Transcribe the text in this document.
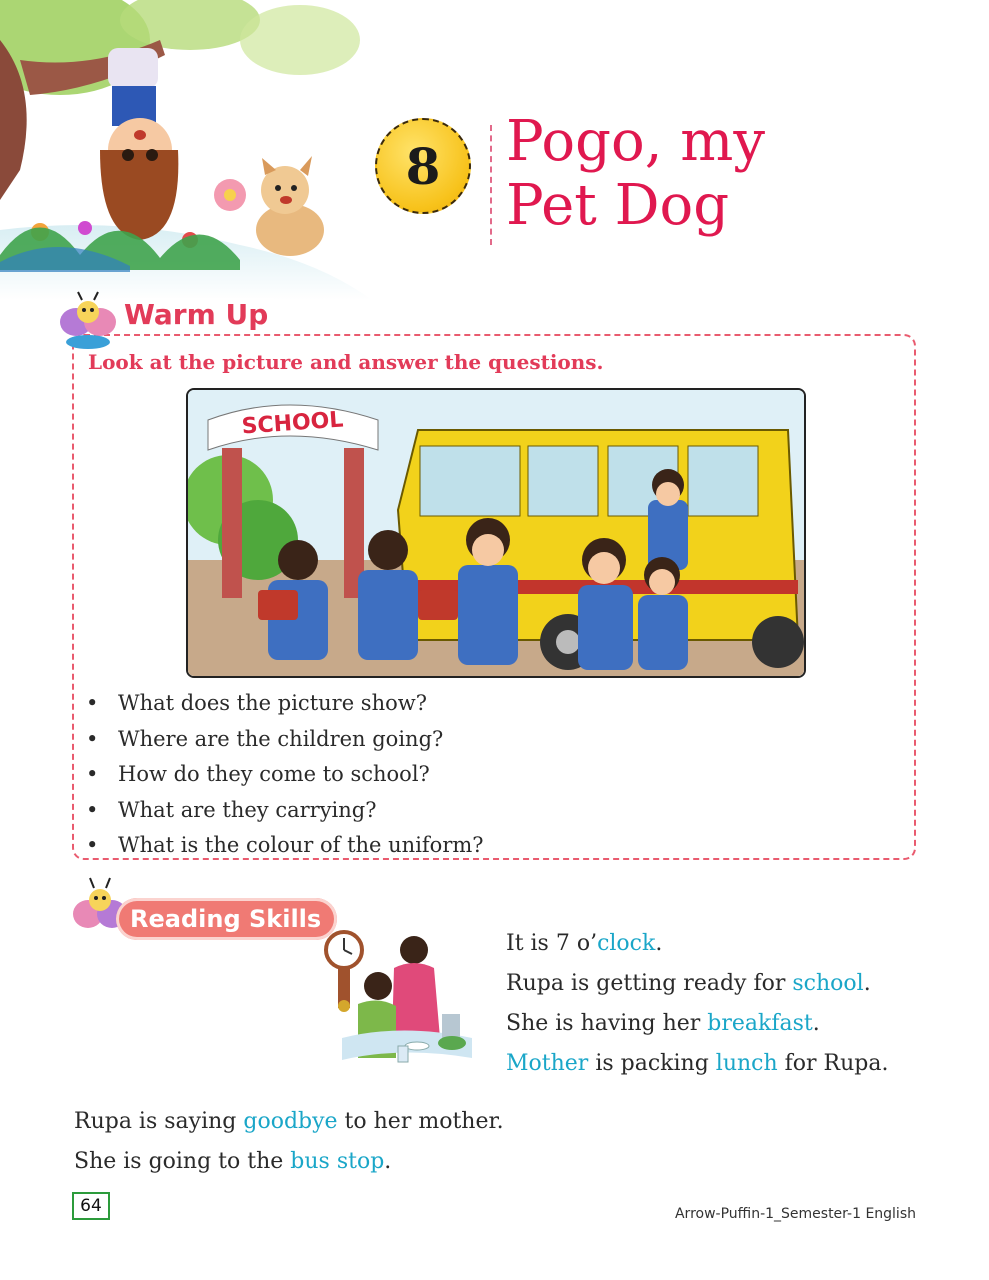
8 Pogo, my
Pet Dog
Warm Up
Look at the picture and answer the questions.
SCHOOL
• What does the picture show?
• Where are the children going?
• How do they come to school?
• What are they carrying?
• What is the colour of the uniform?
Reading Skills

It is 7 o’clock.

Rupa is getting ready for school.

She is having her breakfast.

Mother is packing lunch for Rupa.

Rupa is saying goodbye to her mother.

She is going to the bus stop.

64	Arrow-Puffin-1_Semester-1 English
